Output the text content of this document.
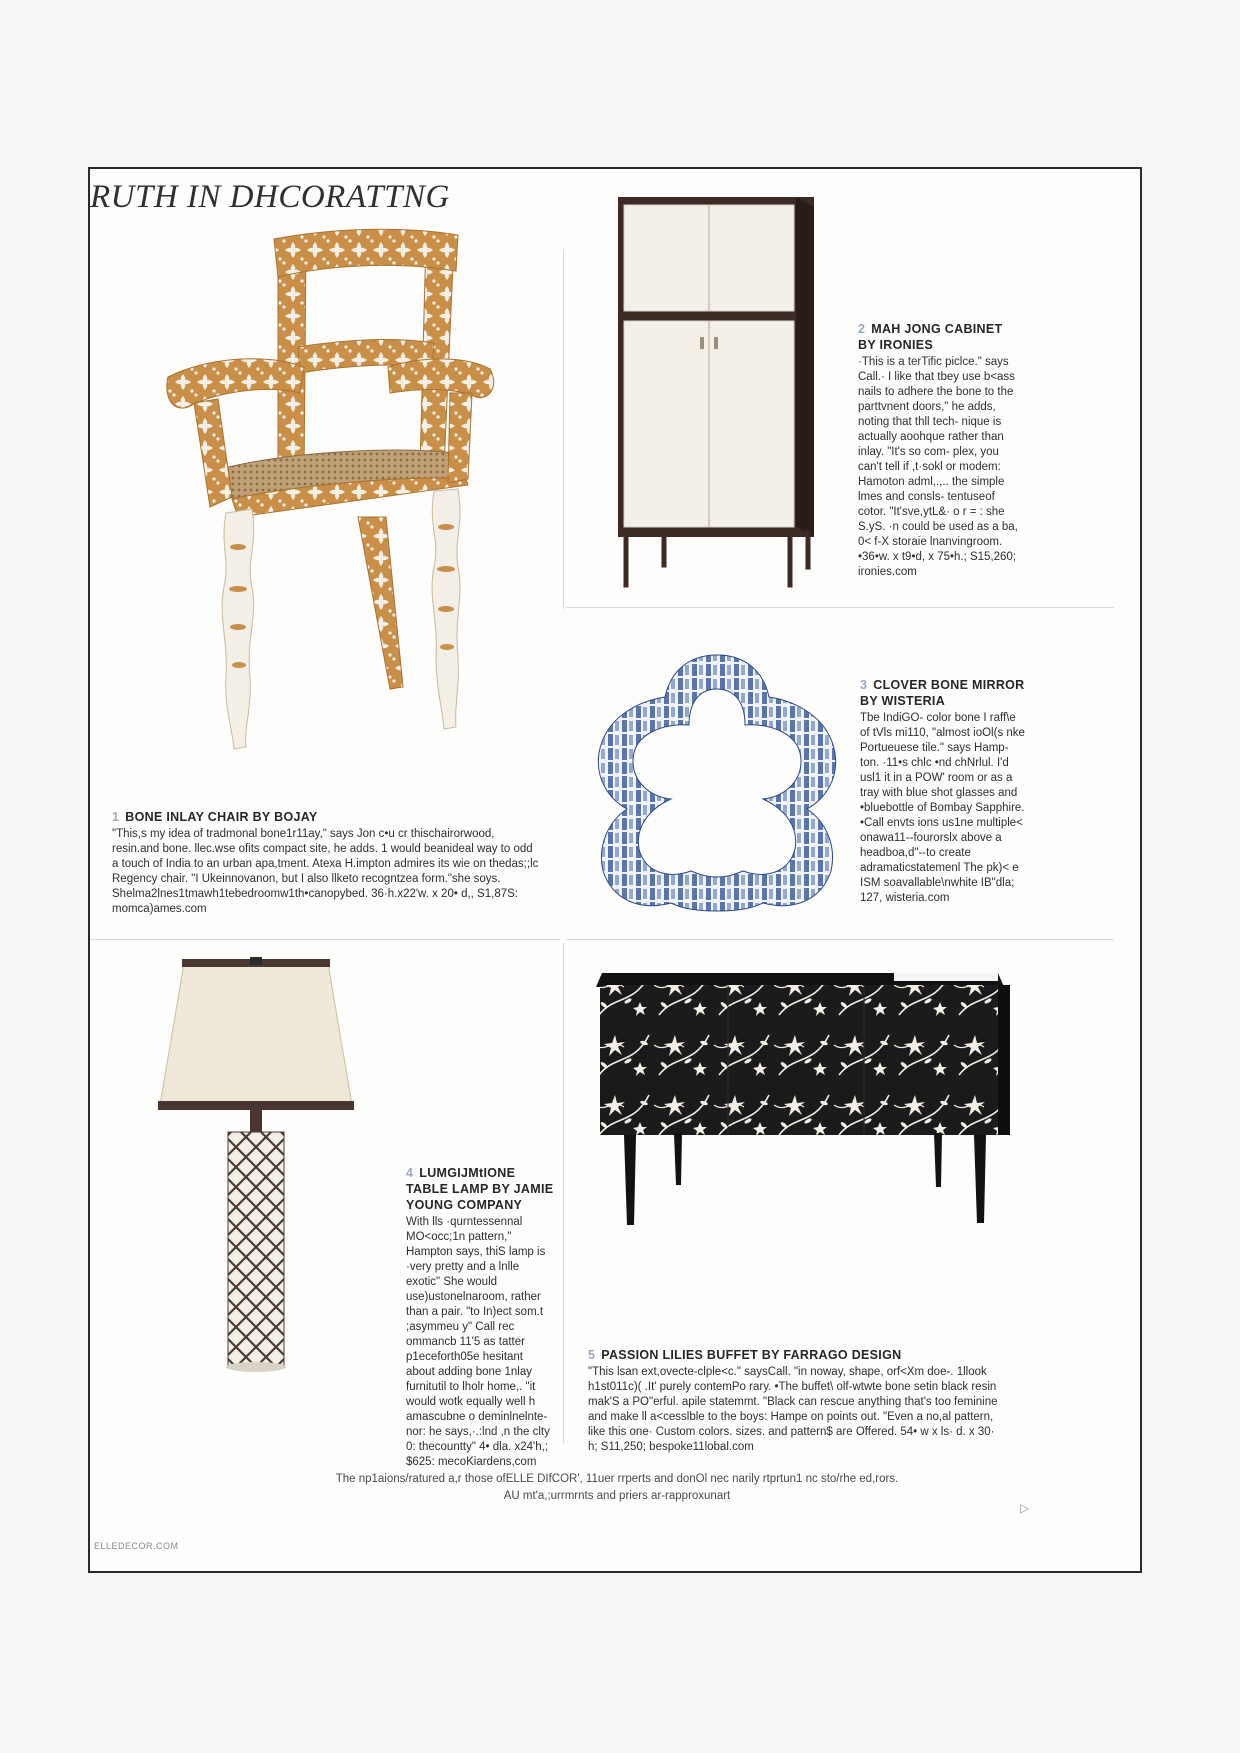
RUTH IN DHCORATTNG
1 BONE INLAY CHAIR BY BOJAY
"This,s my idea of tradmonal bone1r11ay," says Jon c•u cr thischairorwood, resin.and bone. llec.wse ofits compact site, he adds. 1 would beanideal way to odd a touch of India to an urban apa,tment. Atexa H.impton admires its wie on thedas;;lc Regency chair. "I Ukeinnovanon, but I also llketo recogntzea form."she soys. Shelma2lnes1tmawh1tebedroomw1th•canopybed. 36·h.x22'w. x 20• d,, S1,87S: momca)ames.com
2 MAH JONG CABINET BY IRONIES
·This is a terTific piclce." says Call.· I like that tbey use b<ass nails to adhere the bone to the parttvnent doors," he adds, noting that thll tech- nique is actually aoohque rather than inlay. "It's so com- plex, you can't tell if ,t·sokl or modem: Hamoton adml,.,.. the simple lmes and consls- tentuseof cotor. "It'sve,ytL&· o r = : she S.yS. ·n could be used as a ba, 0< f-X storaie lnanvingroom. •36•w. x t9•d, x 75•h.; S15,260; ironies.com
3 CLOVER BONE MIRROR BY WISTERIA
Tbe IndiGO- color bone I raff\e of tVls mi110, "almost ioOl(s nke Portueuese tile." says Hamp- ton. ·11•s chlc •nd chNrlul. I'd usl1 it in a POW' room or as a tray with blue shot glasses and •bluebottle of Bombay Sapphire. •Call envts ions us1ne multiple< onawa11--fourorslx above a headboa,d"--to create adramaticstatemenl The pk)< e ISM soavallable\nwhite IB"dla; 127, wisteria.com
4 LUMGIJMtIONE TABLE LAMP BY JAMIE YOUNG COMPANY
With lls ·qurntessennal MO<occ;1n pattern," Hampton says, thiS lamp is ·very pretty and a lnlle exotic" She would use)ustonelnaroom, rather than a pair. "to In)ect som.t ;asymmeu y" Call rec ommancb 11'5 as tatter p1eceforth05e hesitant about adding bone 1nlay furnitutil to lholr home,. "it would wotk equally well h amascubne o deminlnelnte- nor: he says,·.:lnd ,n the clty 0: thecountty" 4• dla. x24'h,; $625: mecoKiardens,com
5 PASSION LILIES BUFFET BY FARRAGO DESIGN
"This lsan ext,ovecte-clple<c." saysCall. "in noway, shape, orf<Xm doe-. 1llook h1st011c)( .It' purely contemPo rary. •The buffet\ olf-wtwte bone setin black resin mak'S a PO"erful. apile statemmt. "Black can rescue anything that's too feminine and make ll a<cesslble to the boys: Hampe on points out. "Even a no,al pattern, like this one· Custom colors. sizes. and pattern$ are Offered. 54• w x ls· d. x 30· h; S11,250; bespoke11lobal.com
The np1aions/ratured a,r those ofELLE DIfCOR', 11uer rrperts and donOl nec narily rtprtun1 nc sto/rhe ed,rors.
AU mt'a,;urrmrnts and priers ar-rapproxunart
▷
ELLEDECOR.COM
